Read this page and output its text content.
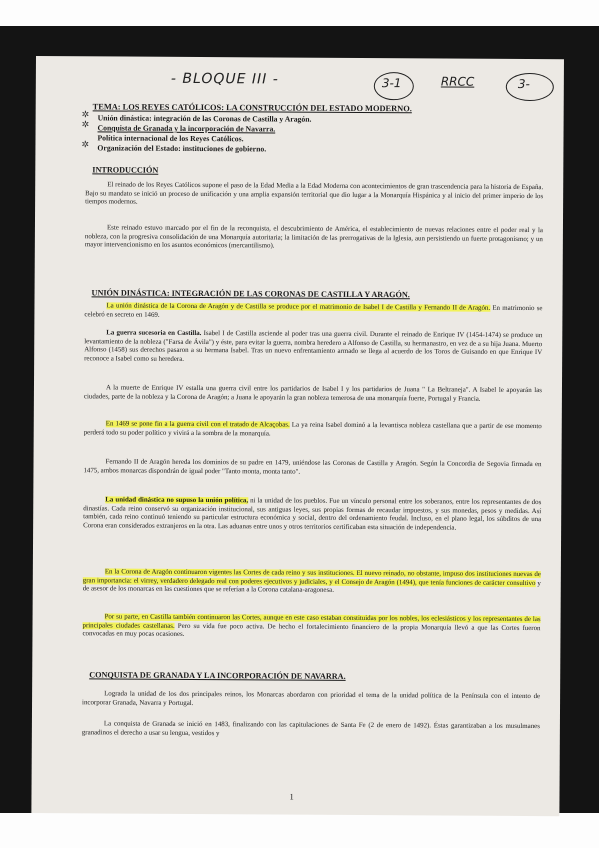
- BLOQUE III -	3-1	RRCC	3-
TEMA: LOS REYES CATÓLICOS: LA CONSTRUCCIÓN DEL ESTADO MODERNO.
✲ Unión dinástica: integración de las Coronas de Castilla y Aragón.
✲ Conquista de Granada y la incorporación de Navarra.
Política internacional de los Reyes Católicos.
✲ Organización del Estado: instituciones de gobierno.
INTRODUCCIÓN
El reinado de los Reyes Católicos supone el paso de la Edad Media a la Edad Moderna con acontecimientos de gran trascendencia para la historia de España. Bajo su mandato se inició un proceso de unificación y una amplia expansión territorial que dio lugar a la Monarquía Hispánica y al inicio del primer imperio de los tiempos modernos.
Este reinado estuvo marcado por el fin de la reconquista, el descubrimiento de América, el establecimiento de nuevas relaciones entre el poder real y la nobleza, con la progresiva consolidación de una Monarquía autoritaria; la limitación de las prerrogativas de la Iglesia, aun persistiendo un fuerte protagonismo; y un mayor intervencionismo en los asuntos económicos (mercantilismo).
UNIÓN DINÁSTICA: INTEGRACIÓN DE LAS CORONAS DE CASTILLA Y ARAGÓN.
La unión dinástica de la Corona de Aragón y de Castilla se produce por el matrimonio de Isabel I de Castilla y Fernando II de Aragón. En matrimonio se celebró en secreto en 1469.
La guerra sucesoria en Castilla. Isabel I de Castilla asciende al poder tras una guerra civil. Durante el reinado de Enrique IV (1454-1474) se produce un levantamiento de la nobleza ("Farsa de Ávila") y éste, para evitar la guerra, nombra heredero a Alfonso de Castilla, su hermanastro, en vez de a su hija Juana. Muerto Alfonso (1458) sus derechos pasaron a su hermana Isabel. Tras un nuevo enfrentamiento armado se llega al acuerdo de los Toros de Guisando en que Enrique IV reconoce a Isabel como su heredera.
A la muerte de Enrique IV estalla una guerra civil entre los partidarios de Isabel I y los partidarios de Juana " La Beltraneja". A Isabel le apoyarán las ciudades, parte de la nobleza y la Corona de Aragón; a Juana le apoyarán la gran nobleza temerosa de una monarquía fuerte, Portugal y Francia.
En 1469 se pone fin a la guerra civil con el tratado de Alcaçobas. La ya reina Isabel dominó a la levantisca nobleza castellana que a partir de ese momento perderá todo su poder político y vivirá a la sombra de la monarquía.
Fernando II de Aragón hereda los dominios de su padre en 1479, uniéndose las Coronas de Castilla y Aragón. Según la Concordia de Segovia firmada en 1475, ambos monarcas dispondrán de igual poder "Tanto monta, monta tanto".
La unidad dinástica no supuso la unión política, ni la unidad de los pueblos. Fue un vínculo personal entre los soberanos, entre los representantes de dos dinastías. Cada reino conservó su organización institucional, sus antiguas leyes, sus propias formas de recaudar impuestos, y sus monedas, pesos y medidas. Así también, cada reino continuó teniendo su particular estructura económica y social, dentro del ordenamiento feudal. Incluso, en el plano legal, los súbditos de una Corona eran considerados extranjeros en la otra. Las aduanas entre unos y otros territorios certificaban esta situación de independencia.
En la Corona de Aragón continuaron vigentes las Cortes de cada reino y sus instituciones. El nuevo reinado, no obstante, impuso dos instituciones nuevas de gran importancia: el virrey, verdadero delegado real con poderes ejecutivos y judiciales, y el Consejo de Aragón (1494), que tenía funciones de carácter consultivo y de asesor de los monarcas en las cuestiones que se referían a la Corona catalana-aragonesa.
Por su parte, en Castilla también continuaron las Cortes, aunque en este caso estaban constituidas por los nobles, los eclesiásticos y los representantes de las principales ciudades castellanas. Pero su vida fue poco activa. De hecho el fortalecimiento financiero de la propia Monarquía llevó a que las Cortes fueron convocadas en muy pocas ocasiones.
CONQUISTA DE GRANADA Y LA INCORPORACIÓN DE NAVARRA.
Lograda la unidad de los dos principales reinos, los Monarcas abordaron con prioridad el tema de la unidad política de la Península con el intento de incorporar Granada, Navarra y Portugal.
La conquista de Granada se inició en 1483, finalizando con las capitulaciones de Santa Fe (2 de enero de 1492). Éstas garantizaban a los musulmanes granadinos el derecho a usar su lengua, vestidos y
1
